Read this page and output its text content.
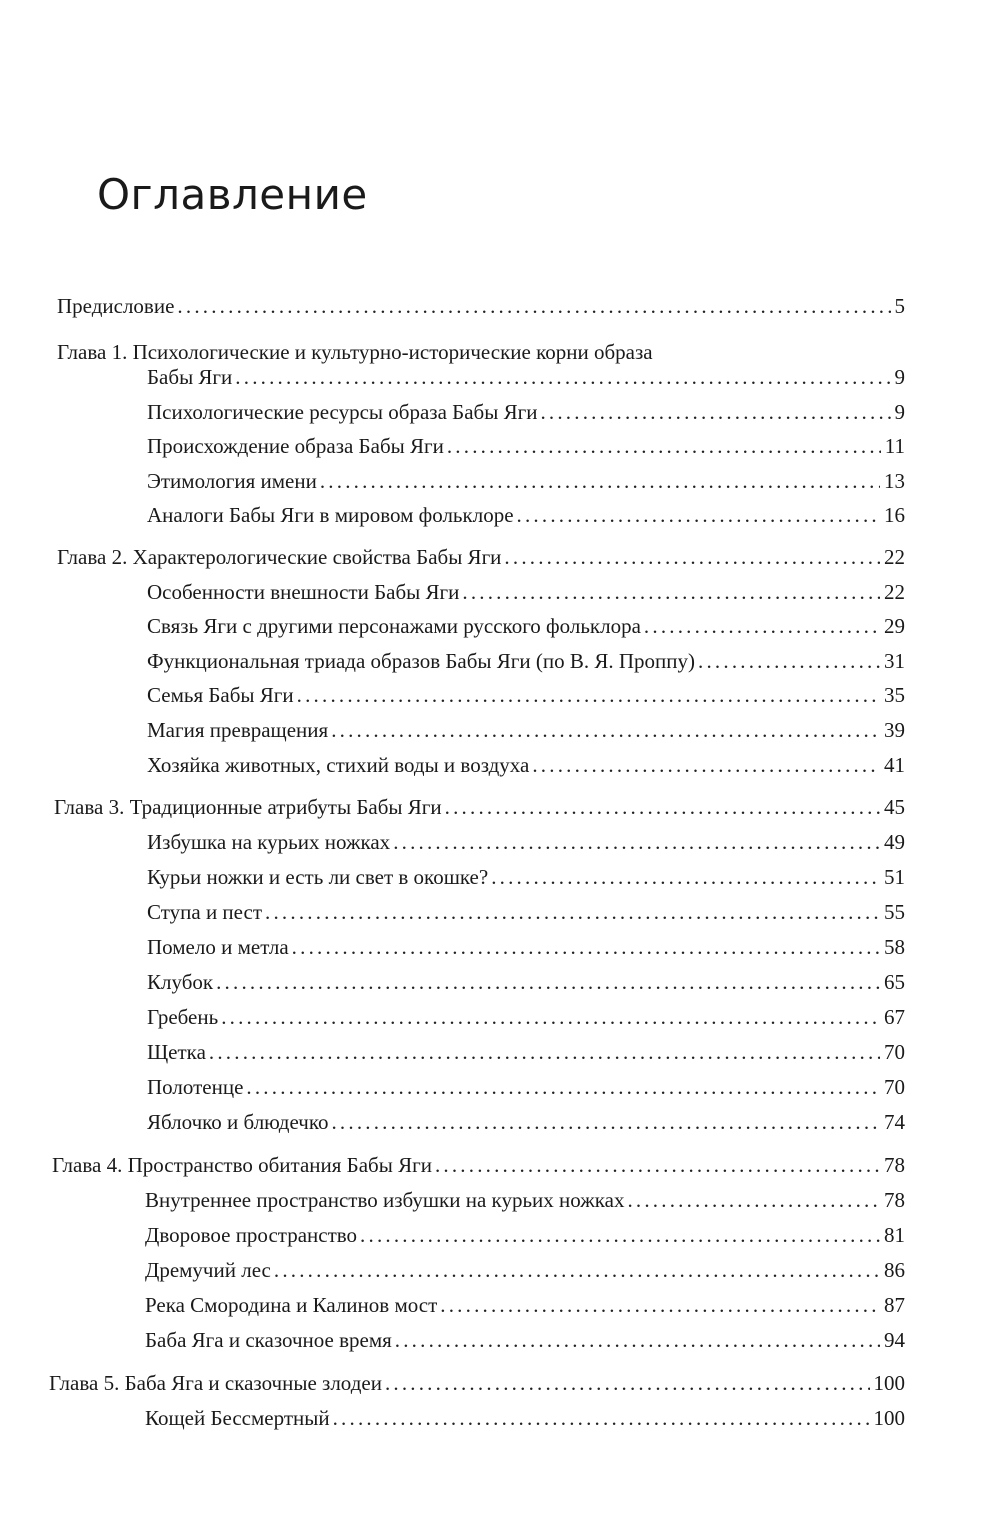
Оглавление
Предисловие .....	5
Глава 1. Психологические и культурно-исторические корни образа
Бабы Яги .....	9
Психологические ресурсы образа Бабы Яги .....	9
Происхождение образа Бабы Яги .....	11
Этимология имени .....	13
Аналоги Бабы Яги в мировом фольклоре .....	16
Глава 2. Характерологические свойства Бабы Яги .....	22
Особенности внешности Бабы Яги .....	22
Связь Яги с другими персонажами русского фольклора .....	29
Функциональная триада образов Бабы Яги (по В. Я. Проппу) .....	31
Семья Бабы Яги .....	35
Магия превращения .....	39
Хозяйка животных, стихий воды и воздуха .....	41
Глава 3. Традиционные атрибуты Бабы Яги .....	45
Избушка на курьих ножках .....	49
Курьи ножки и есть ли свет в окошке? .....	51
Ступа и пест .....	55
Помело и метла .....	58
Клубок .....	65
Гребень .....	67
Щетка .....	70
Полотенце .....	70
Яблочко и блюдечко .....	74
Глава 4. Пространство обитания Бабы Яги .....	78
Внутреннее пространство избушки на курьих ножках .....	78
Дворовое пространство .....	81
Дремучий лес .....	86
Река Смородина и Калинов мост .....	87
Баба Яга и сказочное время .....	94
Глава 5. Баба Яга и сказочные злодеи .....	100
Кощей Бессмертный .....	100
